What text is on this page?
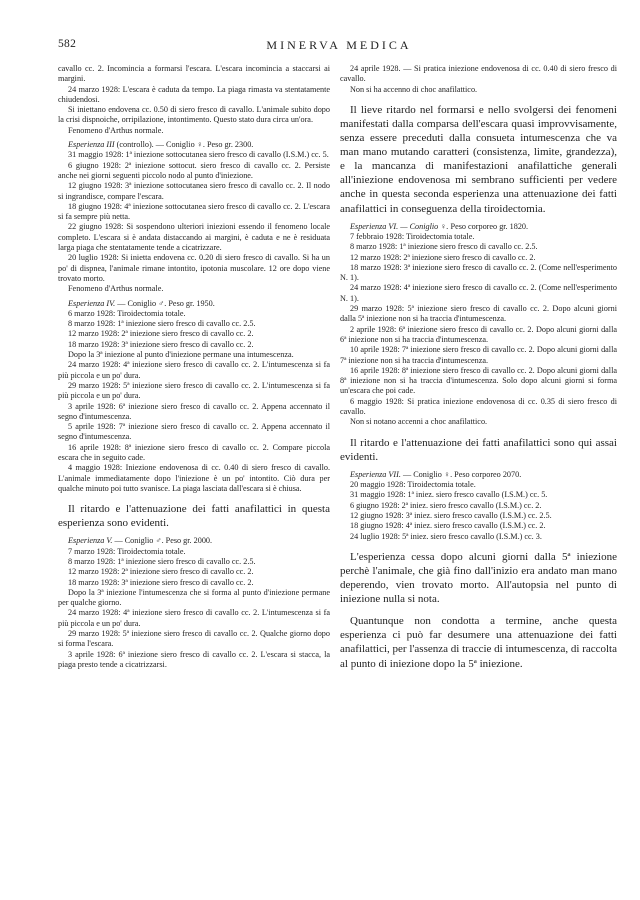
582	MINERVA MEDICA

cavallo cc. 2. Incomincia a formarsi l'escara. L'escara incomincia a staccarsi ai margini.

24 marzo 1928: L'escara è caduta da tempo. La piaga rimasta va stentatamente chiudendosi.

Si iniettano endovena cc. 0.50 di siero fresco di cavallo. L'animale subito dopo la crisi dispnoiche, orripilazione, intontimento. Questo stato dura circa un'ora.

Fenomeno d'Arthus normale.

Esperienza III (controllo). — Coniglio ♀. Peso gr. 2300.

31 maggio 1928: 1ª iniezione sottocutanea siero fresco di cavallo (I.S.M.) cc. 5.

6 giugno 1928: 2ª iniezione sottocut. siero fresco di cavallo cc. 2. Persiste anche nei giorni seguenti piccolo nodo al punto d'iniezione.

12 giugno 1928: 3ª iniezione sottocutanea siero fresco di cavallo cc. 2. Il nodo si ingrandisce, compare l'escara.

18 giugno 1928: 4ª iniezione sottocutanea siero fresco di cavallo cc. 2. L'escara si fa sempre più netta.

22 giugno 1928: Si sospendono ulteriori iniezioni essendo il fenomeno locale completo. L'escara si è andata distaccando ai margini, è caduta e ne è residuata larga piaga che stentatamente tende a cicatrizzare.

20 luglio 1928: Si inietta endovena cc. 0.20 di siero fresco di cavallo. Si ha un po' di dispnea, l'animale rimane intontito, ipotonia muscolare. 12 ore dopo viene trovato morto.

Fenomeno d'Arthus normale.

Esperienza IV. — Coniglio ♂. Peso gr. 1950.

6 marzo 1928: Tiroidectomia totale.

8 marzo 1928: 1ª iniezione siero fresco di cavallo cc. 2.5.

12 marzo 1928: 2ª iniezione siero fresco di cavallo cc. 2.

18 marzo 1928: 3ª iniezione siero fresco di cavallo cc. 2.

Dopo la 3ª iniezione al punto d'iniezione permane una intumescenza.

24 marzo 1928: 4ª iniezione siero fresco di cavallo cc. 2. L'intumescenza si fa più piccola e un po' dura.

29 marzo 1928: 5ª iniezione siero fresco di cavallo cc. 2. L'intumescenza si fa più piccola e un po' dura.

3 aprile 1928: 6ª iniezione siero fresco di cavallo cc. 2. Appena accennato il segno d'intumescenza.

5 aprile 1928: 7ª iniezione siero fresco di cavallo cc. 2. Appena accennato il segno d'intumescenza.

16 aprile 1928: 8ª iniezione siero fresco di cavallo cc. 2. Compare piccola escara che in seguito cade.

4 maggio 1928: Iniezione endovenosa di cc. 0.40 di siero fresco di cavallo. L'animale immediatamente dopo l'iniezione è un po' intontito. Ciò dura per qualche minuto poi tutto svanisce. La piaga lasciata dall'escara si è chiusa.

Il ritardo e l'attenuazione dei fatti anafilattici in questa esperienza sono evidenti.

Esperienza V. — Coniglio ♂. Peso gr. 2000.

7 marzo 1928: Tiroidectomia totale.

8 marzo 1928: 1ª iniezione siero fresco di cavallo cc. 2.5.

12 marzo 1928: 2ª iniezione siero fresco di cavallo cc. 2.

18 marzo 1928: 3ª iniezione siero fresco di cavallo cc. 2.

Dopo la 3ª iniezione l'intumescenza che si forma al punto d'iniezione permane per qualche giorno.

24 marzo 1928: 4ª iniezione siero fresco di cavallo cc. 2. L'intumescenza si fa più piccola e un po' dura.

29 marzo 1928: 5ª iniezione siero fresco di cavallo cc. 2. Qualche giorno dopo si forma l'escara.

3 aprile 1928: 6ª iniezione siero fresco di cavallo cc. 2. L'escara si stacca, la piaga presto tende a cicatrizzarsi.

24 aprile 1928. — Si pratica iniezione endovenosa di cc. 0.40 di siero fresco di cavallo.

Non si ha accenno di choc anafilattico.

Il lieve ritardo nel formarsi e nello svolgersi dei fenomeni manifestati dalla comparsa dell'escara quasi improvvisamente, senza essere preceduti dalla consueta intumescenza che va man mano mutando caratteri (consistenza, limite, grandezza), e la mancanza di manifestazioni anafilattiche generali all'iniezione endovenosa mi sembrano sufficienti per vedere anche in questa seconda esperienza una attenuazione dei fatti anafilattici in conseguenza della tiroidectomia.

Esperienza VI. — Coniglio ♀. Peso corporeo gr. 1820.

7 febbraio 1928: Tiroidectomia totale.

8 marzo 1928: 1ª iniezione siero fresco di cavallo cc. 2.5.

12 marzo 1928: 2ª iniezione siero fresco di cavallo cc. 2.

18 marzo 1928: 3ª iniezione siero fresco di cavallo cc. 2. (Come nell'esperimento N. 1).

24 marzo 1928: 4ª iniezione siero fresco di cavallo cc. 2. (Come nell'esperimento N. 1).

29 marzo 1928: 5ª iniezione siero fresco di cavallo cc. 2. Dopo alcuni giorni dalla 5ª iniezione non si ha traccia d'intumescenza.

2 aprile 1928: 6ª iniezione siero fresco di cavallo cc. 2. Dopo alcuni giorni dalla 6ª iniezione non si ha traccia d'intumescenza.

10 aprile 1928: 7ª iniezione siero fresco di cavallo cc. 2. Dopo alcuni giorni dalla 7ª iniezione non si ha traccia d'intumescenza.

16 aprile 1928: 8ª iniezione siero fresco di cavallo cc. 2. Dopo alcuni giorni dalla 8ª iniezione non si ha traccia d'intumescenza. Solo dopo alcuni giorni si forma un'escara che poi cade.

6 maggio 1928: Si pratica iniezione endovenosa di cc. 0.35 di siero fresco di cavallo.

Non si notano accenni a choc anafilattico.

Il ritardo e l'attenuazione dei fatti anafilattici sono qui assai evidenti.

Esperienza VII. — Coniglio ♀. Peso corporeo 2070.

20 maggio 1928: Tiroidectomia totale.

31 maggio 1928: 1ª iniez. siero fresco cavallo (I.S.M.) cc. 5.

6 giugno 1928: 2ª iniez. siero fresco cavallo (I.S.M.) cc. 2.

12 giugno 1928: 3ª iniez. siero fresco cavallo (I.S.M.) cc. 2.5.

18 giugno 1928: 4ª iniez. siero fresco cavallo (I.S.M.) cc. 2.

24 luglio 1928: 5ª iniez. siero fresco cavallo (I.S.M.) cc. 3.

L'esperienza cessa dopo alcuni giorni dalla 5ª iniezione perchè l'animale, che già fino dall'inizio era andato man mano deperendo, vien trovato morto. All'autopsia nel punto di iniezione nulla si nota.

Quantunque non condotta a termine, anche questa esperienza ci può far desumere una attenuazione dei fatti anafilattici, per l'assenza di traccie di intumescenza, di raccolta al punto di iniezione dopo la 5ª iniezione.
